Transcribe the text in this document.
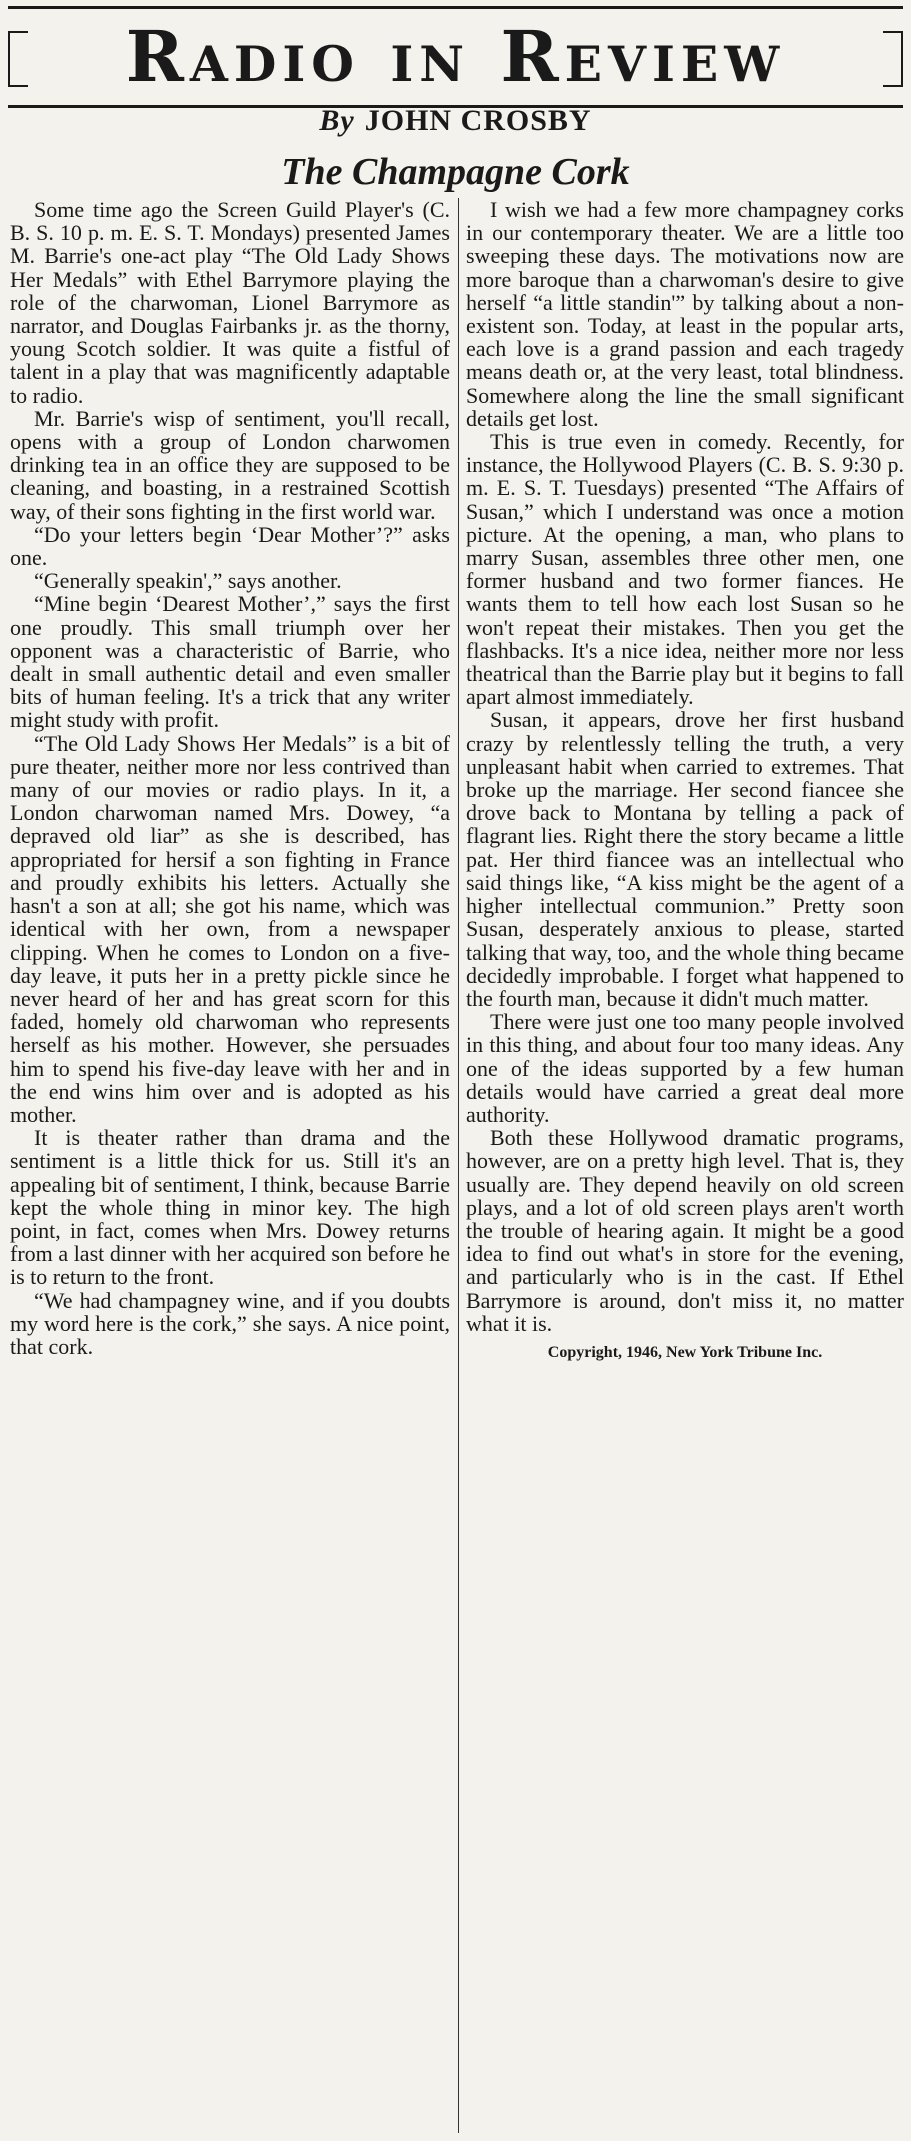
Radio in Review
By JOHN CROSBY
The Champagne Cork

Some time ago the Screen Guild Player's (C. B. S. 10 p. m. E. S. T. Mondays) presented James M. Barrie's one-act play “The Old Lady Shows Her Medals” with Ethel Barrymore playing the role of the charwoman, Lionel Barrymore as narrator, and Douglas Fairbanks jr. as the thorny, young Scotch soldier. It was quite a fistful of talent in a play that was magnificently adaptable to radio.

Mr. Barrie's wisp of sentiment, you'll recall, opens with a group of London charwomen drinking tea in an office they are supposed to be cleaning, and boasting, in a restrained Scottish way, of their sons fighting in the first world war.

“Do your letters begin ‘Dear Mother’?” asks one.

“Generally speakin',” says another.

“Mine begin ‘Dearest Mother’,” says the first one proudly. This small triumph over her opponent was a characteristic of Barrie, who dealt in small authentic detail and even smaller bits of human feeling. It's a trick that any writer might study with profit.

“The Old Lady Shows Her Medals” is a bit of pure theater, neither more nor less contrived than many of our movies or radio plays. In it, a London charwoman named Mrs. Dowey, “a depraved old liar” as she is described, has appropriated for hersif a son fighting in France and proudly exhibits his letters. Actually she hasn't a son at all; she got his name, which was identical with her own, from a newspaper clipping. When he comes to London on a five-day leave, it puts her in a pretty pickle since he never heard of her and has great scorn for this faded, homely old charwoman who represents herself as his mother. However, she persuades him to spend his five-day leave with her and in the end wins him over and is adopted as his mother.

It is theater rather than drama and the sentiment is a little thick for us. Still it's an appealing bit of sentiment, I think, because Barrie kept the whole thing in minor key. The high point, in fact, comes when Mrs. Dowey returns from a last dinner with her acquired son before he is to return to the front.

“We had champagney wine, and if you doubts my word here is the cork,” she says. A nice point, that cork.

I wish we had a few more champagney corks in our contemporary theater. We are a little too sweeping these days. The motivations now are more baroque than a charwoman's desire to give herself “a little standin'” by talking about a non-existent son. Today, at least in the popular arts, each love is a grand passion and each tragedy means death or, at the very least, total blindness. Somewhere along the line the small significant details get lost.

This is true even in comedy. Recently, for instance, the Hollywood Players (C. B. S. 9:30 p. m. E. S. T. Tuesdays) presented “The Affairs of Susan,” which I understand was once a motion picture. At the opening, a man, who plans to marry Susan, assembles three other men, one former husband and two former fiances. He wants them to tell how each lost Susan so he won't repeat their mistakes. Then you get the flashbacks. It's a nice idea, neither more nor less theatrical than the Barrie play but it begins to fall apart almost immediately.

Susan, it appears, drove her first husband crazy by relentlessly telling the truth, a very unpleasant habit when carried to extremes. That broke up the marriage. Her second fiancee she drove back to Montana by telling a pack of flagrant lies. Right there the story became a little pat. Her third fiancee was an intellectual who said things like, “A kiss might be the agent of a higher intellectual communion.” Pretty soon Susan, desperately anxious to please, started talking that way, too, and the whole thing became decidedly improbable. I forget what happened to the fourth man, because it didn't much matter.

There were just one too many people involved in this thing, and about four too many ideas. Any one of the ideas supported by a few human details would have carried a great deal more authority.

Both these Hollywood dramatic programs, however, are on a pretty high level. That is, they usually are. They depend heavily on old screen plays, and a lot of old screen plays aren't worth the trouble of hearing again. It might be a good idea to find out what's in store for the evening, and particularly who is in the cast. If Ethel Barrymore is around, don't miss it, no matter what it is.

Copyright, 1946, New York Tribune Inc.
